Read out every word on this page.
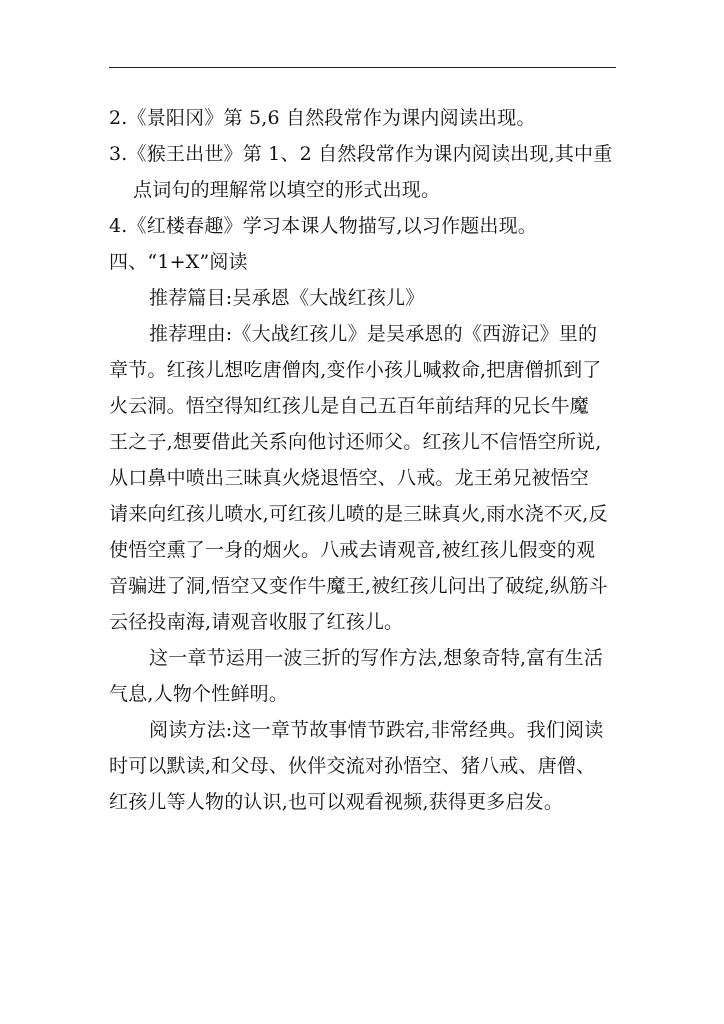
2.《景阳冈》第 5,6 自然段常作为课内阅读出现。
3.《猴王出世》第 1、2 自然段常作为课内阅读出现,其中重
点词句的理解常以填空的形式出现。
4.《红楼春趣》学习本课人物描写,以习作题出现。
四、“1+X”阅读
推荐篇目:吴承恩《大战红孩儿》
推荐理由:《大战红孩儿》是吴承恩的《西游记》里的
章节。红孩儿想吃唐僧肉,变作小孩儿喊救命,把唐僧抓到了
火云洞。悟空得知红孩儿是自己五百年前结拜的兄长牛魔
王之子,想要借此关系向他讨还师父。红孩儿不信悟空所说,
从口鼻中喷出三昧真火烧退悟空、八戒。龙王弟兄被悟空
请来向红孩儿喷水,可红孩儿喷的是三昧真火,雨水浇不灭,反
使悟空熏了一身的烟火。八戒去请观音,被红孩儿假变的观
音骗进了洞,悟空又变作牛魔王,被红孩儿问出了破绽,纵筋斗
云径投南海,请观音收服了红孩儿。
这一章节运用一波三折的写作方法,想象奇特,富有生活
气息,人物个性鲜明。
阅读方法:这一章节故事情节跌宕,非常经典。我们阅读
时可以默读,和父母、伙伴交流对孙悟空、猪八戒、唐僧、
红孩儿等人物的认识,也可以观看视频,获得更多启发。
